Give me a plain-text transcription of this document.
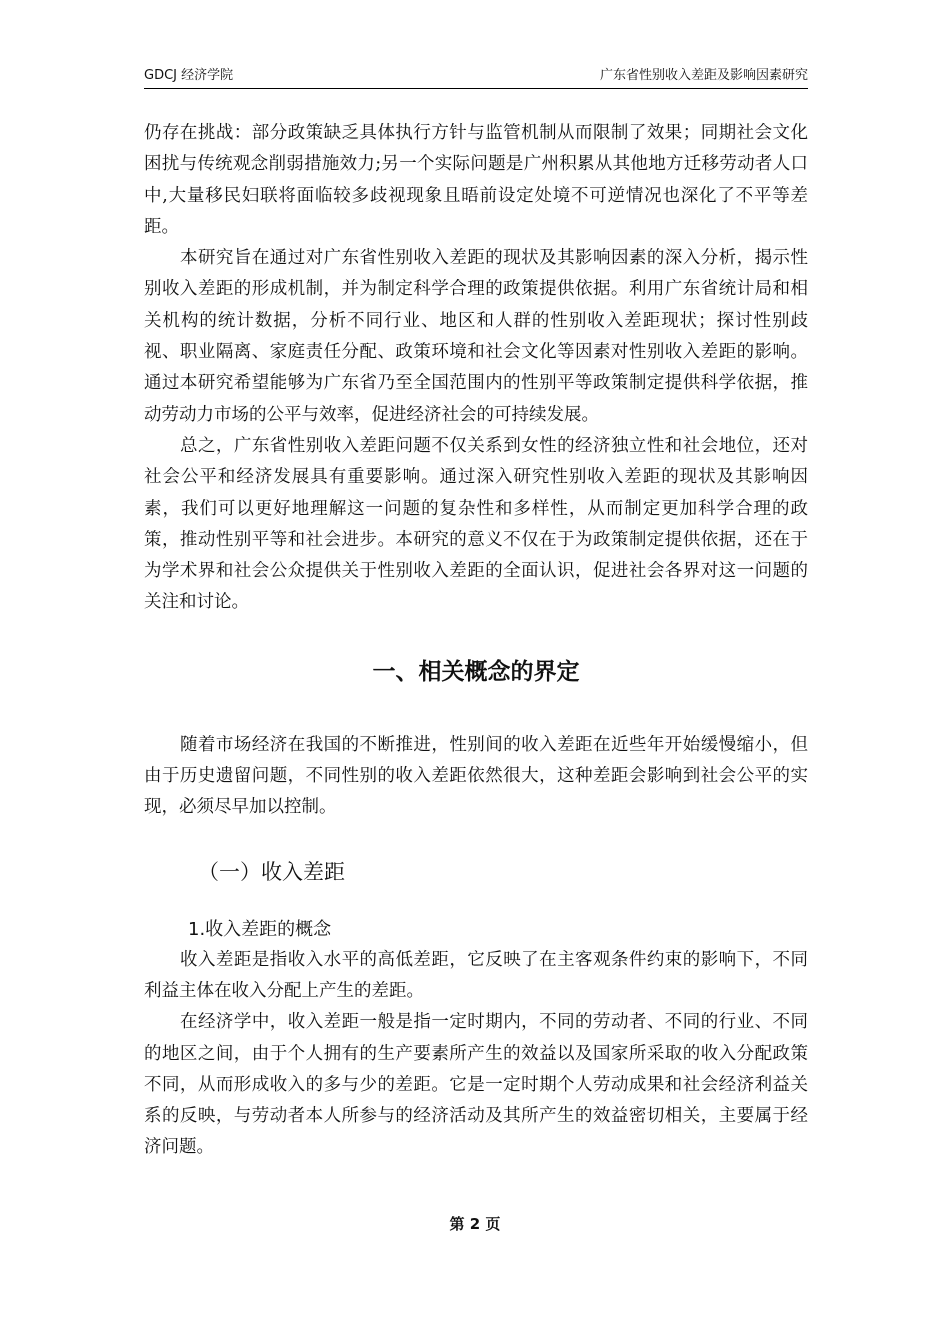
GDCJ 经济学院	广东省性别收入差距及影响因素研究

仍存在挑战：部分政策缺乏具体执行方针与监管机制从而限制了效果；同期社会文化困扰与传统观念削弱措施效力;另一个实际问题是广州积累从其他地方迁移劳动者人口中,大量移民妇联将面临较多歧视现象且晤前设定处境不可逆情况也深化了不平等差距。

本研究旨在通过对广东省性别收入差距的现状及其影响因素的深入分析，揭示性别收入差距的形成机制，并为制定科学合理的政策提供依据。利用广东省统计局和相关机构的统计数据，分析不同行业、地区和人群的性别收入差距现状；探讨性别歧视、职业隔离、家庭责任分配、政策环境和社会文化等因素对性别收入差距的影响。通过本研究希望能够为广东省乃至全国范围内的性别平等政策制定提供科学依据，推动劳动力市场的公平与效率，促进经济社会的可持续发展。

总之，广东省性别收入差距问题不仅关系到女性的经济独立性和社会地位，还对社会公平和经济发展具有重要影响。通过深入研究性别收入差距的现状及其影响因素，我们可以更好地理解这一问题的复杂性和多样性，从而制定更加科学合理的政策，推动性别平等和社会进步。本研究的意义不仅在于为政策制定提供依据，还在于为学术界和社会公众提供关于性别收入差距的全面认识，促进社会各界对这一问题的关注和讨论。

一、相关概念的界定

随着市场经济在我国的不断推进，性别间的收入差距在近些年开始缓慢缩小，但由于历史遗留问题，不同性别的收入差距依然很大，这种差距会影响到社会公平的实现，必须尽早加以控制。

（一）收入差距
1.收入差距的概念

收入差距是指收入水平的高低差距，它反映了在主客观条件约束的影响下，不同利益主体在收入分配上产生的差距。

在经济学中，收入差距一般是指一定时期内，不同的劳动者、不同的行业、不同的地区之间，由于个人拥有的生产要素所产生的效益以及国家所采取的收入分配政策不同，从而形成收入的多与少的差距。它是一定时期个人劳动成果和社会经济利益关系的反映，与劳动者本人所参与的经济活动及其所产生的效益密切相关，主要属于经济问题。

第 2 页
